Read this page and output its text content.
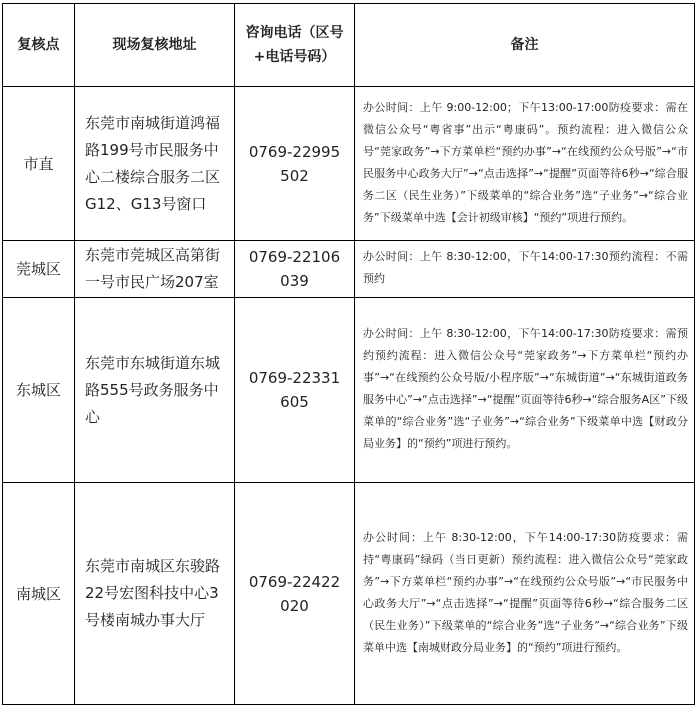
复核点	现场复核地址	咨询电话（区号+电话号码）	备注
市直	东莞市南城街道鸿福路199号市民服务中心二楼综合服务二区G12、G13号窗口	0769-22995502	办公时间：上午 9:00-12:00；下午13:00-17:00防疫要求：需在微信公众号“粤省事”出示“粤康码”。预约流程：进入微信公众号“莞家政务”→下方菜单栏“预约办事”→“在线预约公众号版”→“市民服务中心政务大厅”→“点击选择”→“提醒”页面等待6秒→“综合服务二区（民生业务）”下级菜单的“综合业务”选“子业务”→“综合业务”下级菜单中选【会计初级审核】“预约”项进行预约。
莞城区	东莞市莞城区高第街一号市民广场207室	0769-22106039	办公时间：上午 8:30-12:00，下午14:00-17:30预约流程：不需预约
东城区	东莞市东城街道东城路555号政务服务中心	0769-22331605	办公时间：上午 8:30-12:00，下午14:00-17:30防疫要求：需预约预约流程：进入微信公众号“莞家政务”→下方菜单栏“预约办事”→“在线预约公众号版/小程序版”→“东城街道”→“东城街道政务服务中心”→“点击选择”→“提醒”页面等待6秒→“综合服务A区”下级菜单的“综合业务”选“子业务”→“综合业务”下级菜单中选【财政分局业务】的“预约”项进行预约。
南城区	东莞市南城区东骏路22号宏图科技中心3号楼南城办事大厅	0769-22422020	办公时间：上午 8:30-12:00，下午14:00-17:30防疫要求：需持“粤康码”绿码（当日更新）预约流程：进入微信公众号“莞家政务”→下方菜单栏“预约办事”→“在线预约公众号版”→“市民服务中心政务大厅”→“点击选择”→“提醒”页面等待6秒→“综合服务二区（民生业务）”下级菜单的“综合业务”选“子业务”→“综合业务”下级菜单中选【南城财政分局业务】的“预约”项进行预约。
